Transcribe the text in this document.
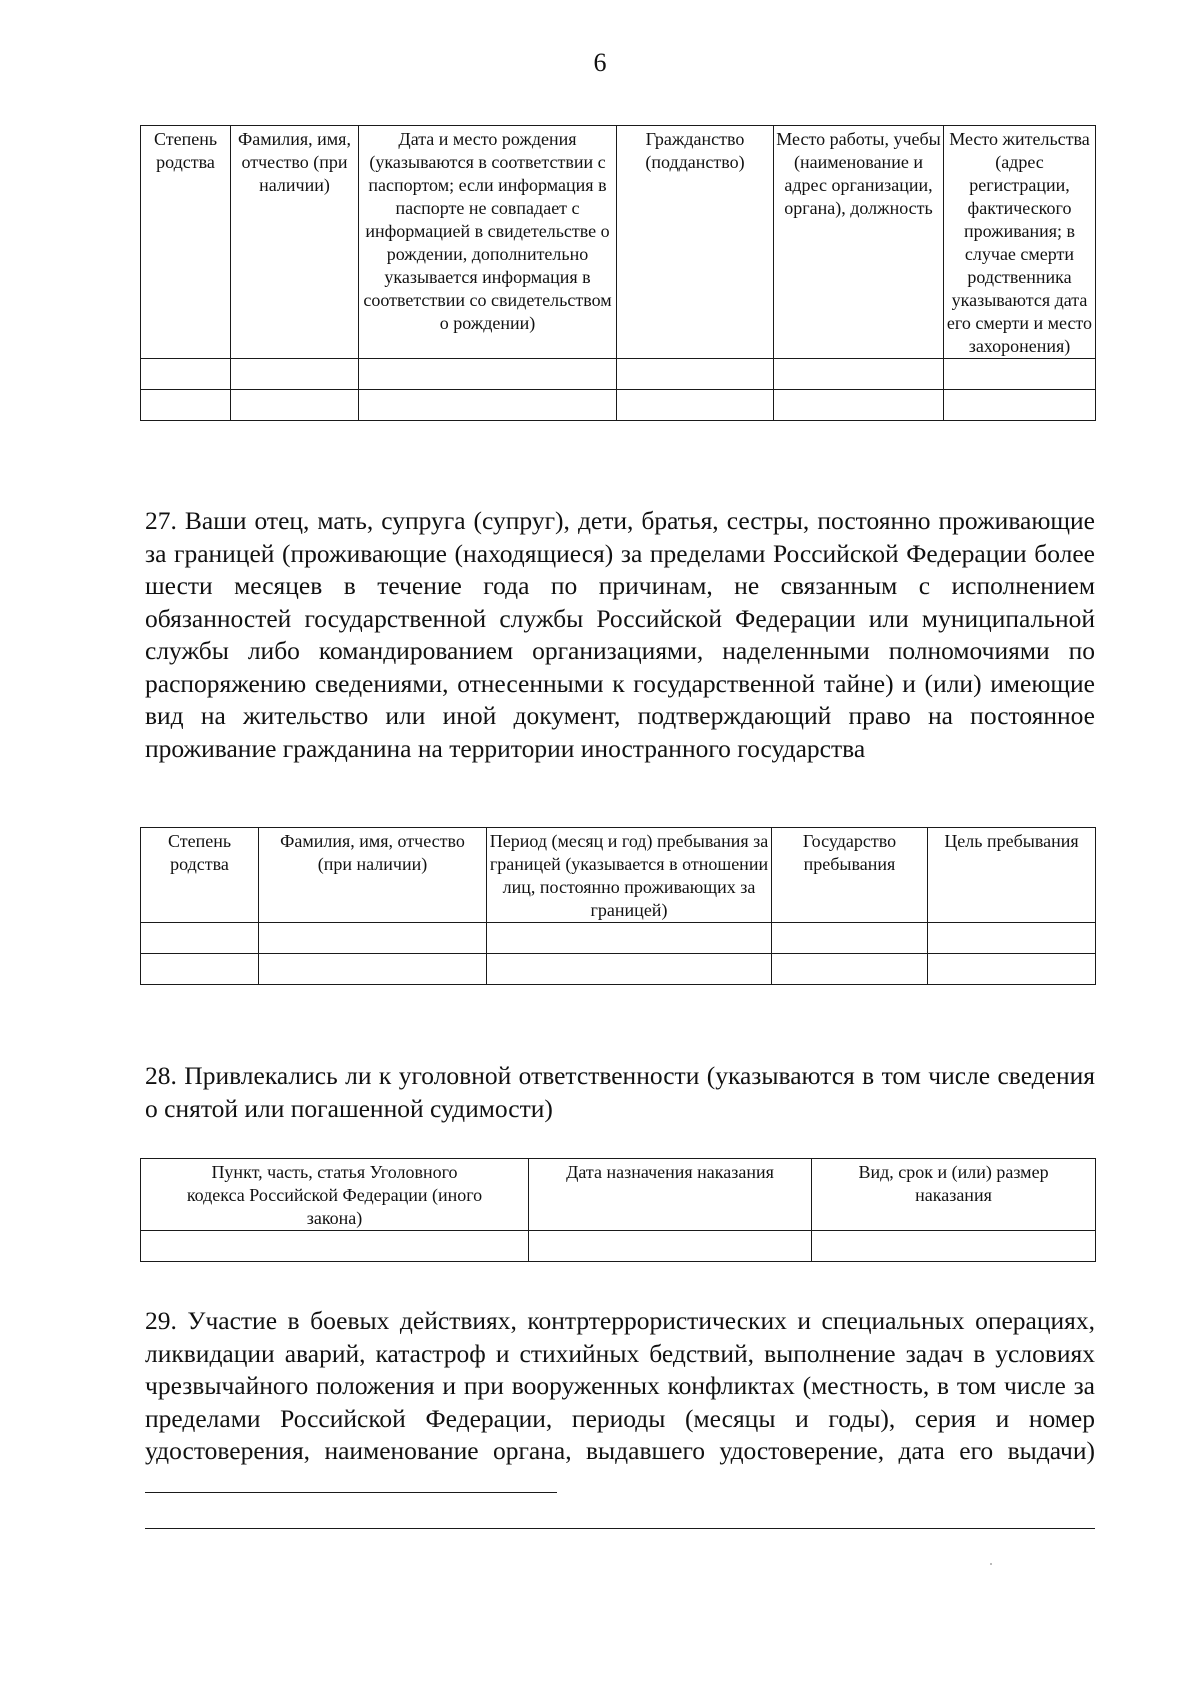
6
Степень родства	Фамилия, имя, отчество (при наличии)	Дата и место рождения (указываются в соответствии с паспортом; если информация в паспорте не совпадает с информацией в свидетельстве о рождении, дополнительно указывается информация в соответствии со свидетельством о рождении)	Гражданство (подданство)	Место работы, учебы (наименование и адрес организации, органа), должность	Место жительства (адрес регистрации, фактического проживания; в случае смерти родственника указываются дата его смерти и место захоронения)

27. Ваши отец, мать, супруга (супруг), дети, братья, сестры, постоянно проживающие за границей (проживающие (находящиеся) за пределами Российской Федерации более шести месяцев в течение года по причинам, не связанным с исполнением обязанностей государственной службы Российской Федерации или муниципальной службы либо командированием организациями, наделенными полномочиями по распоряжению сведениями, отнесенными к государственной тайне) и (или) имеющие вид на жительство или иной документ, подтверждающий право на постоянное проживание гражданина на территории иностранного государства

Степень родства	Фамилия, имя, отчество (при наличии)	Период (месяц и год) пребывания за границей (указывается в отношении лиц, постоянно проживающих за границей)	Государство пребывания	Цель пребывания

28. Привлекались ли к уголовной ответственности (указываются в том числе сведения о снятой или погашенной судимости)

Пункт, часть, статья Уголовного кодекса Российской Федерации (иного закона)	Дата назначения наказания	Вид, срок и (или) размер наказания

29. Участие в боевых действиях, контртеррористических и специальных операциях, ликвидации аварий, катастроф и стихийных бедствий, выполнение задач в условиях чрезвычайного положения и при вооруженных конфликтах (местность, в том числе за пределами Российской Федерации, периоды (месяцы и годы), серия и номер удостоверения, наименование органа, выдавшего удостоверение, дата его выдачи)
